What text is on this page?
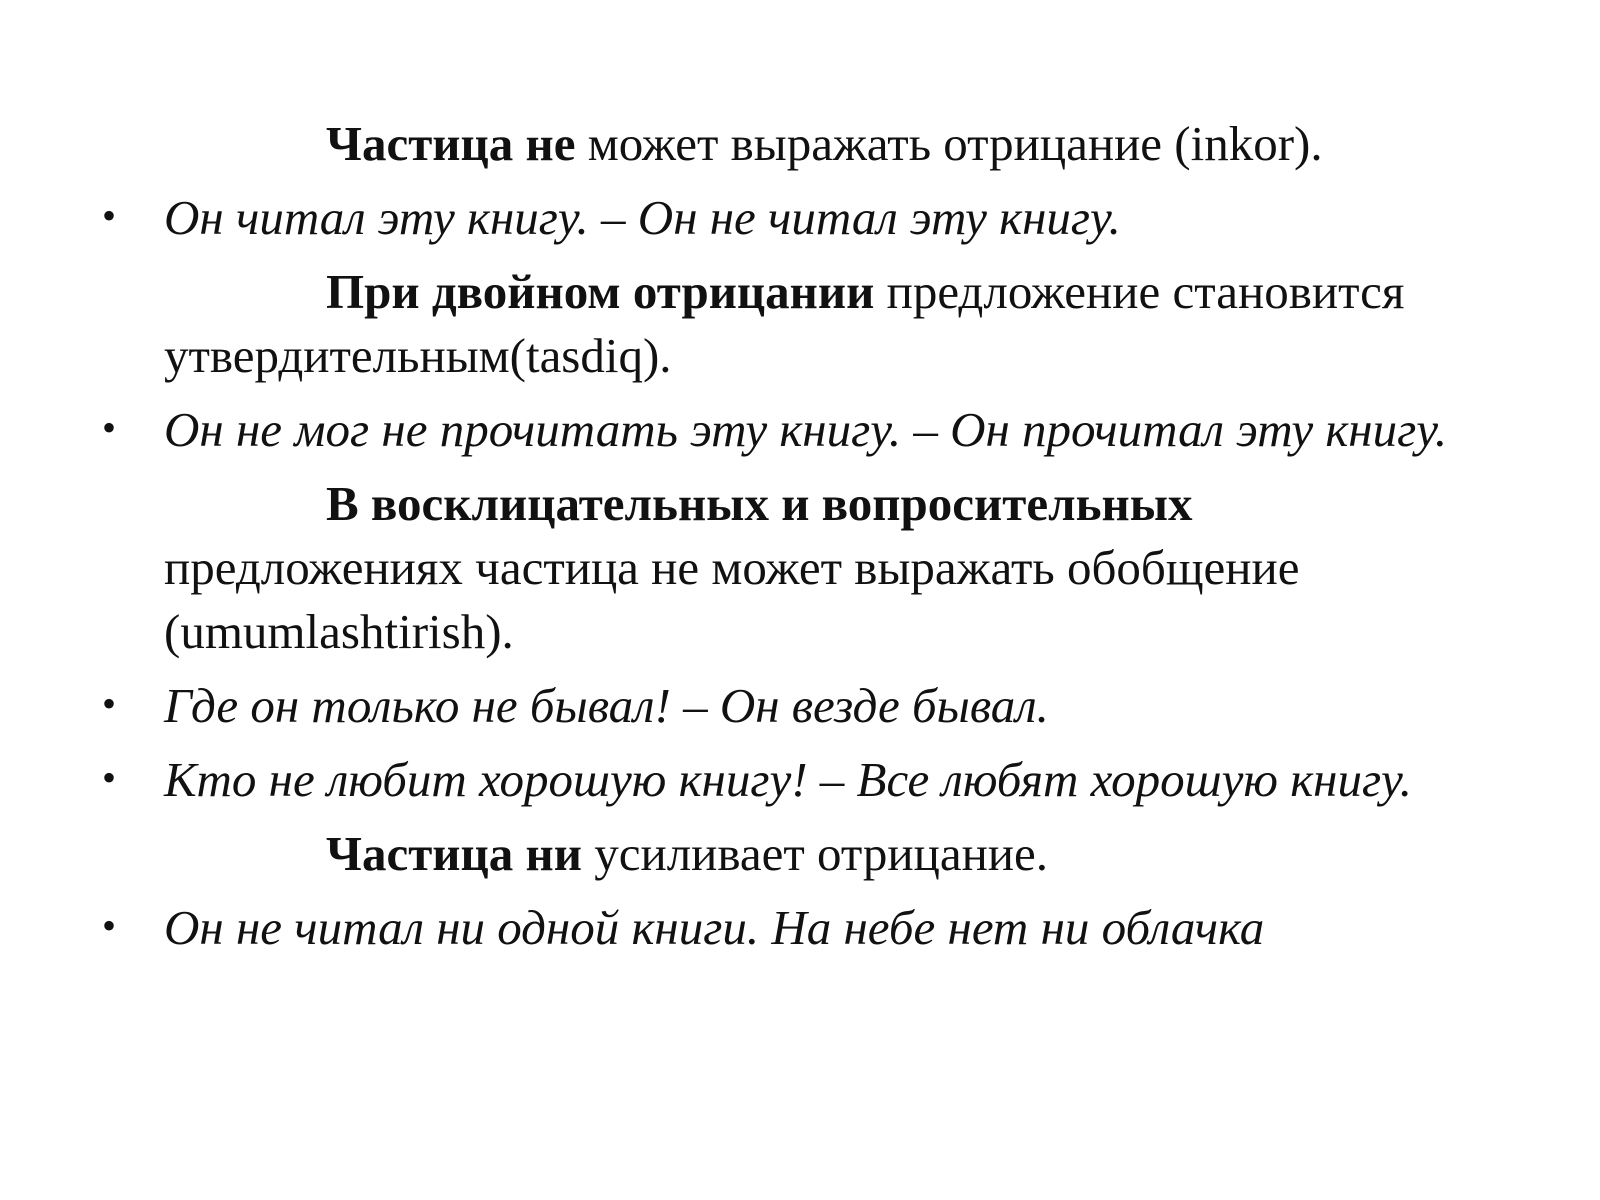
Частица не может выражать отрицание (inkor).

• Он читал эту книгу. – Он не читал эту книгу.

При двойном отрицании предложение становится утвердительным(tasdiq).

• Он не мог не прочитать эту книгу. – Он прочитал эту книгу.

В восклицательных и вопросительных предложениях частица не может выражать обобщение (umumlashtirish).

• Где он только не бывал! – Он везде бывал.
• Кто не любит хорошую книгу! – Все любят хорошую книгу.

Частица ни усиливает отрицание.

• Он не читал ни одной книги. На небе нет ни облачка
